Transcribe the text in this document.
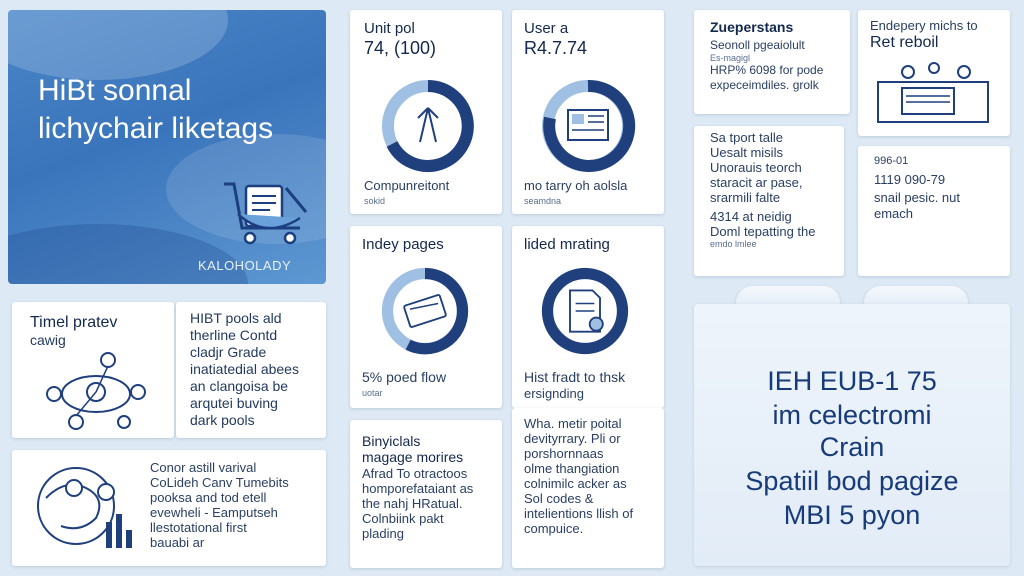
HiBt sonnal
lichychair liketags
KALOHOLADY
Timel pratev
cawig
HIBT pools ald
therline Contd
cladjr Grade
inatiatedial abees
an clangoisa be
arqutei buving
dark pools
Conor astill varival
CoLideh Canv Tumebits
pooksa and tod etell
evewheli - Eamputseh
llestotational first
bauabi ar
Unit pol
74, (100)
Compunreitont
sokid
User a
R4.7.74
mo tarry oh aolsla
seamdna
Indey pages
5% poed flow
uotar
lided mrating
Hist fradt to thsk
ersignding
Binyiclals
magage morires
Afrad To otractoos
homporefataiant as
the nahj HRatual.
Colnbiink pakt
plading
Wha. metir poital
devityrrary. Pli or
porshornnaas
olme thangiation
colnimilc acker as
Sol codes &
intelientions llish of
compuice.
Zueperstans
Seonoll pgeaiolult
Es-magigl
HRP% 6098 for pode
expeceimdiles. grolk
Endepery michs to
Ret reboil
Sa tport talle
Uesalt misils
Unorauis teorch
staracit ar pase,
srarmili falte
4314 at neidig
Doml tepatting the
emdo lmlee
996-01
1119 090-79
snail pesic. nut
emach
IEH EUB-1 75
im celectromi
Crain
Spatiil bod pagize
MBI 5 pyon
